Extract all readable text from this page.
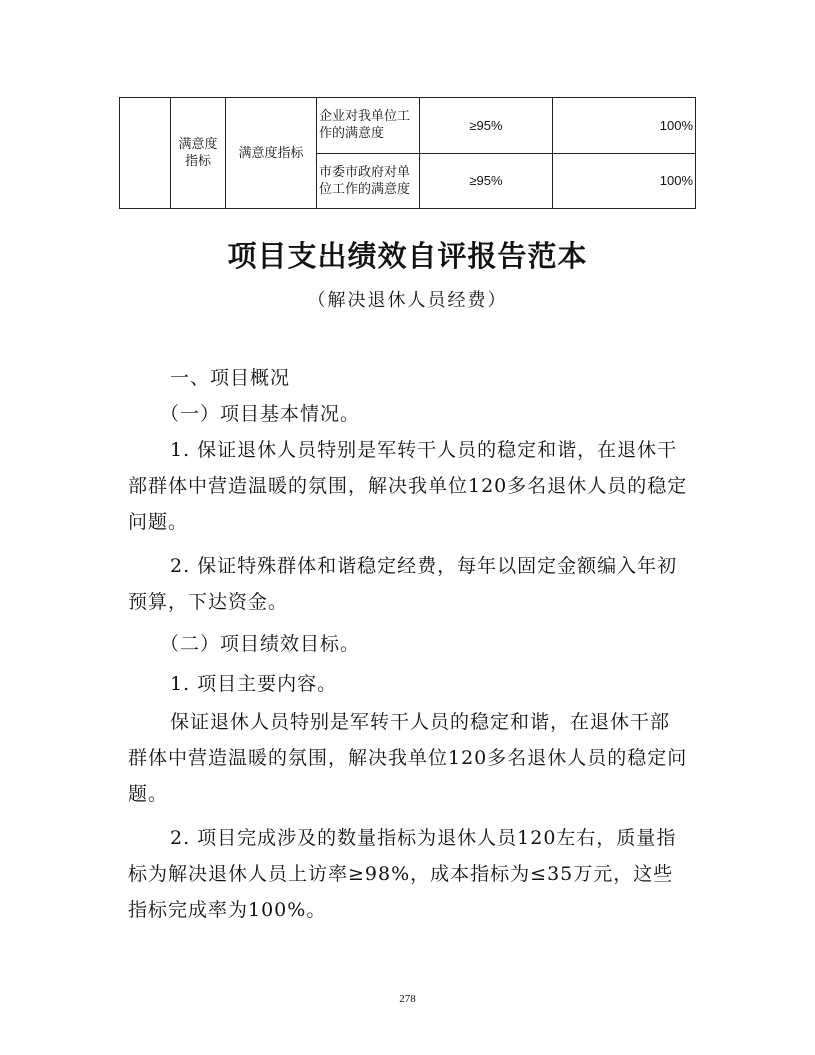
	满意度指标	满意度指标	企业对我单位工作的满意度	≥95%	100%
			市委市政府对单位工作的满意度	≥95%	100%
项目支出绩效自评报告范本

（解决退休人员经费）

一、项目概况

（一）项目基本情况。

1. 保证退休人员特别是军转干人员的稳定和谐，在退休干部群体中营造温暖的氛围，解决我单位120多名退休人员的稳定问题。

2. 保证特殊群体和谐稳定经费，每年以固定金额编入年初预算，下达资金。

（二）项目绩效目标。

1. 项目主要内容。

保证退休人员特别是军转干人员的稳定和谐，在退休干部群体中营造温暖的氛围，解决我单位120多名退休人员的稳定问题。

2. 项目完成涉及的数量指标为退休人员120左右，质量指标为解决退休人员上访率≥98%，成本指标为≤35万元，这些指标完成率为100%。

278
